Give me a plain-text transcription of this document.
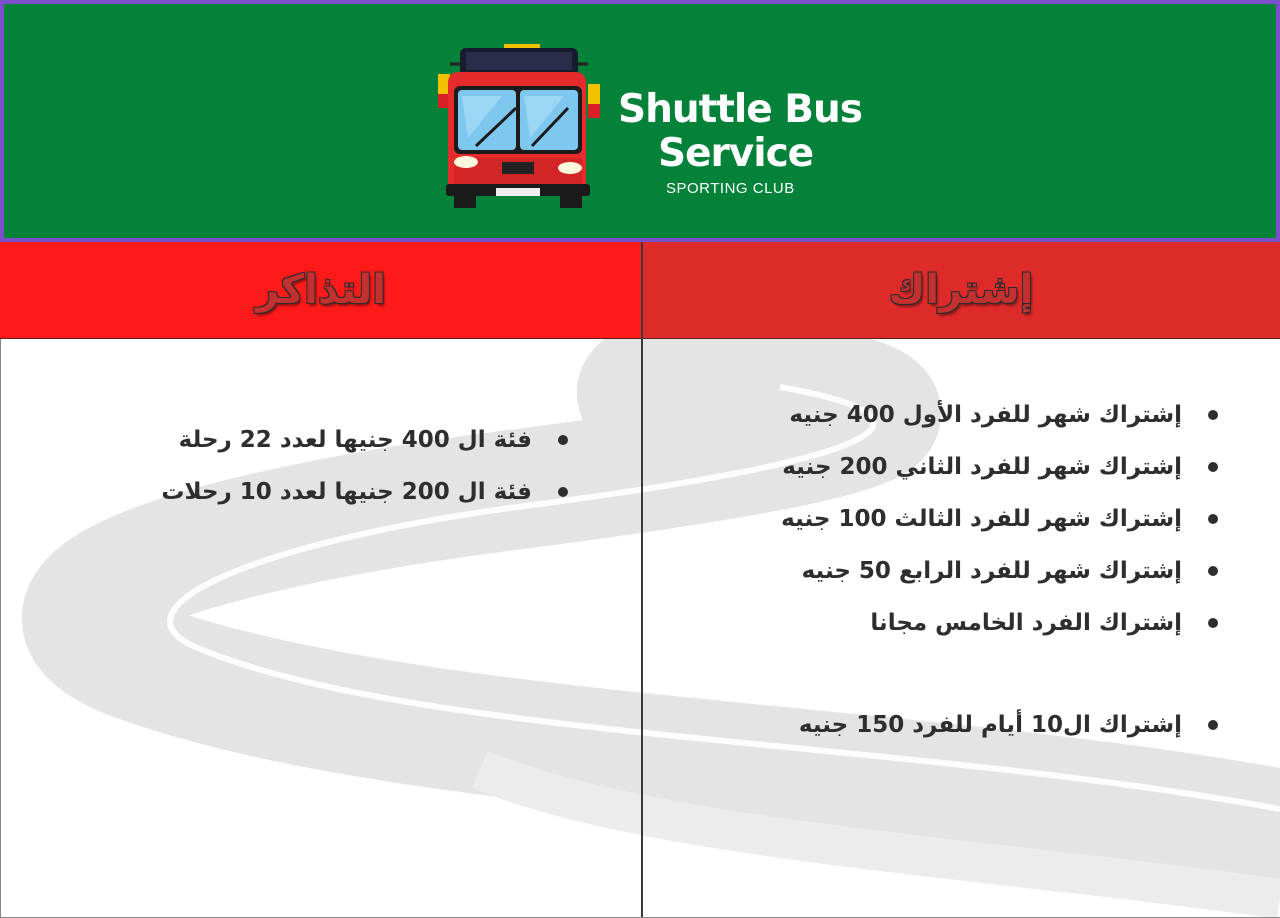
Shuttle Bus
Service
SPORTING CLUB
إشتراك
التذاكر
إشتراك شهر للفرد الأول 400 جنيه
إشتراك شهر للفرد الثاني 200 جنيه
إشتراك شهر للفرد الثالث 100 جنيه
إشتراك شهر للفرد الرابع 50 جنيه
إشتراك الفرد الخامس مجانا
إشتراك ال10 أيام للفرد 150 جنيه
فئة ال 400 جنيها لعدد 22 رحلة
فئة ال 200 جنيها لعدد 10 رحلات
